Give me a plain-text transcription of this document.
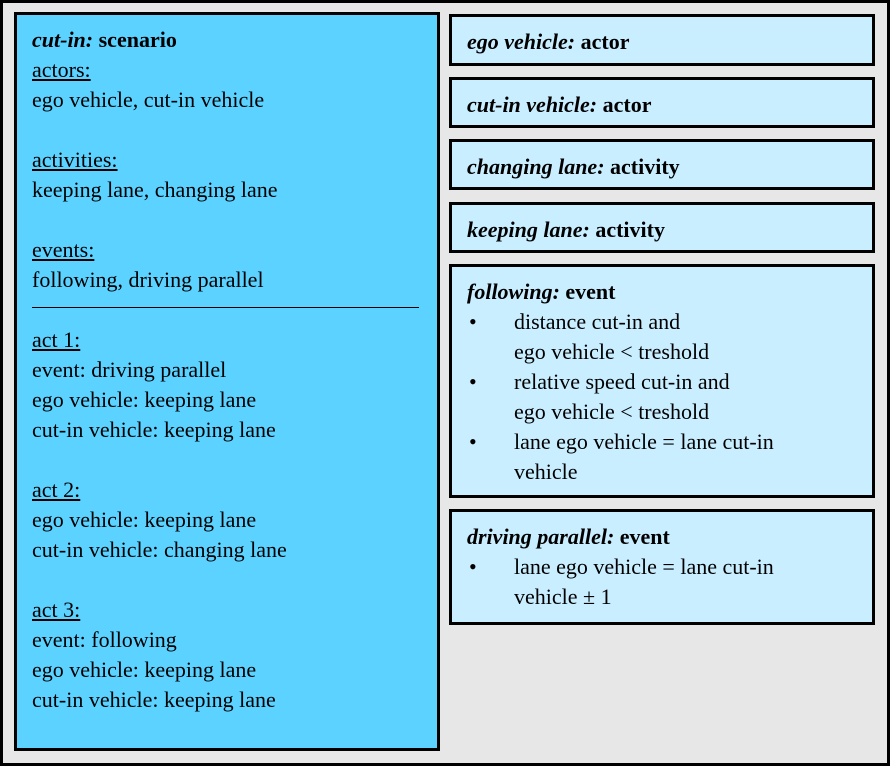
cut-in: scenario
actors:
ego vehicle, cut-in vehicle
activities:
keeping lane, changing lane
events:
following, driving parallel
act 1:
event: driving parallel
ego vehicle: keeping lane
cut-in vehicle: keeping lane
act 2:
ego vehicle: keeping lane
cut-in vehicle: changing lane
act 3:
event: following
ego vehicle: keeping lane
cut-in vehicle: keeping lane
ego vehicle: actor
cut-in vehicle: actor
changing lane: activity
keeping lane: activity
following: event
• distance cut-in and
ego vehicle < treshold
• relative speed cut-in and
ego vehicle < treshold
• lane ego vehicle = lane cut-in
vehicle
driving parallel: event
• lane ego vehicle = lane cut-in
vehicle ± 1
